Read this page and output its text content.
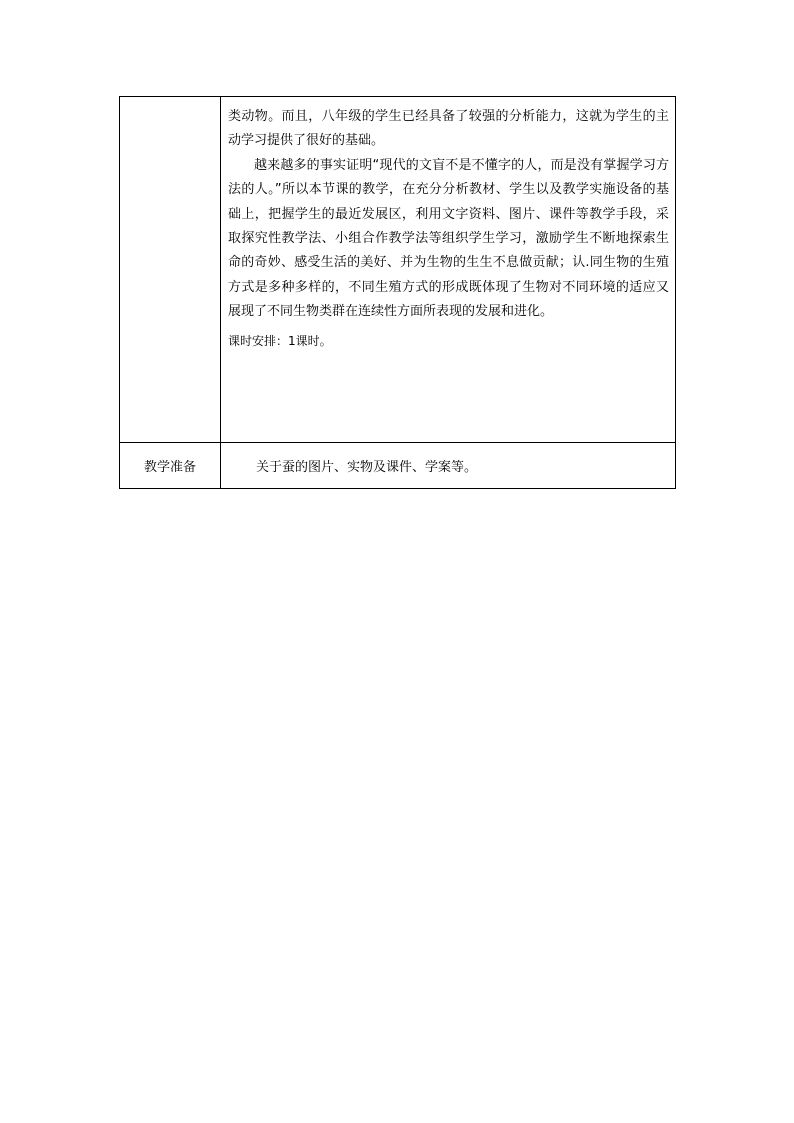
	类动物。而且，八年级的学生已经具备了较强的分析能力，这就为学生的主动学习提供了很好的基础。

越来越多的事实证明“现代的文盲不是不懂字的人，而是没有掌握学习方法的人。”所以本节课的教学，在充分分析教材、学生以及教学实施设备的基础上，把握学生的最近发展区，利用文字资料、图片、课件等教学手段，采取探究性教学法、小组合作教学法等组织学生学习，激励学生不断地探索生命的奇妙、感受生活的美好、并为生物的生生不息做贡献；认.同生物的生殖方式是多种多样的，不同生殖方式的形成既体现了生物对不同环境的适应又展现了不同生物类群在连续性方面所表现的发展和进化。

课时安排：1课时。

教学准备	关于蚕的图片、实物及课件、学案等。
